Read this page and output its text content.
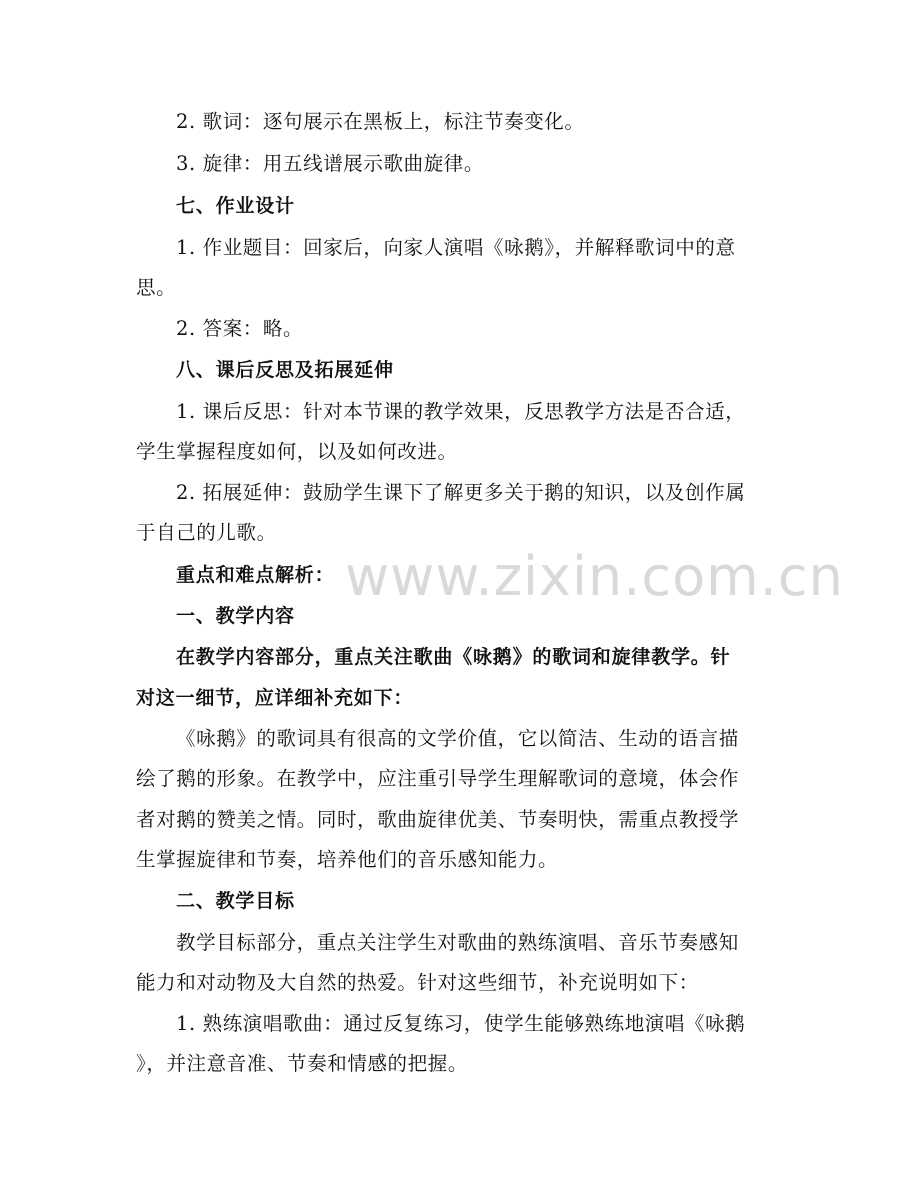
www.zixin.com.cn
2. 歌词：逐句展示在黑板上，标注节奏变化。
3. 旋律：用五线谱展示歌曲旋律。
七、作业设计
1. 作业题目：回家后，向家人演唱《咏鹅》，并解释歌词中的意
思。
2. 答案：略。
八、课后反思及拓展延伸
1. 课后反思：针对本节课的教学效果，反思教学方法是否合适，
学生掌握程度如何，以及如何改进。
2. 拓展延伸：鼓励学生课下了解更多关于鹅的知识，以及创作属
于自己的儿歌。
重点和难点解析：
一、教学内容
在教学内容部分，重点关注歌曲《咏鹅》的歌词和旋律教学。针
对这一细节，应详细补充如下：
《咏鹅》的歌词具有很高的文学价值，它以简洁、生动的语言描
绘了鹅的形象。在教学中，应注重引导学生理解歌词的意境，体会作
者对鹅的赞美之情。同时，歌曲旋律优美、节奏明快，需重点教授学
生掌握旋律和节奏，培养他们的音乐感知能力。
二、教学目标
教学目标部分，重点关注学生对歌曲的熟练演唱、音乐节奏感知
能力和对动物及大自然的热爱。针对这些细节，补充说明如下：
1. 熟练演唱歌曲：通过反复练习，使学生能够熟练地演唱《咏鹅
》，并注意音准、节奏和情感的把握。
